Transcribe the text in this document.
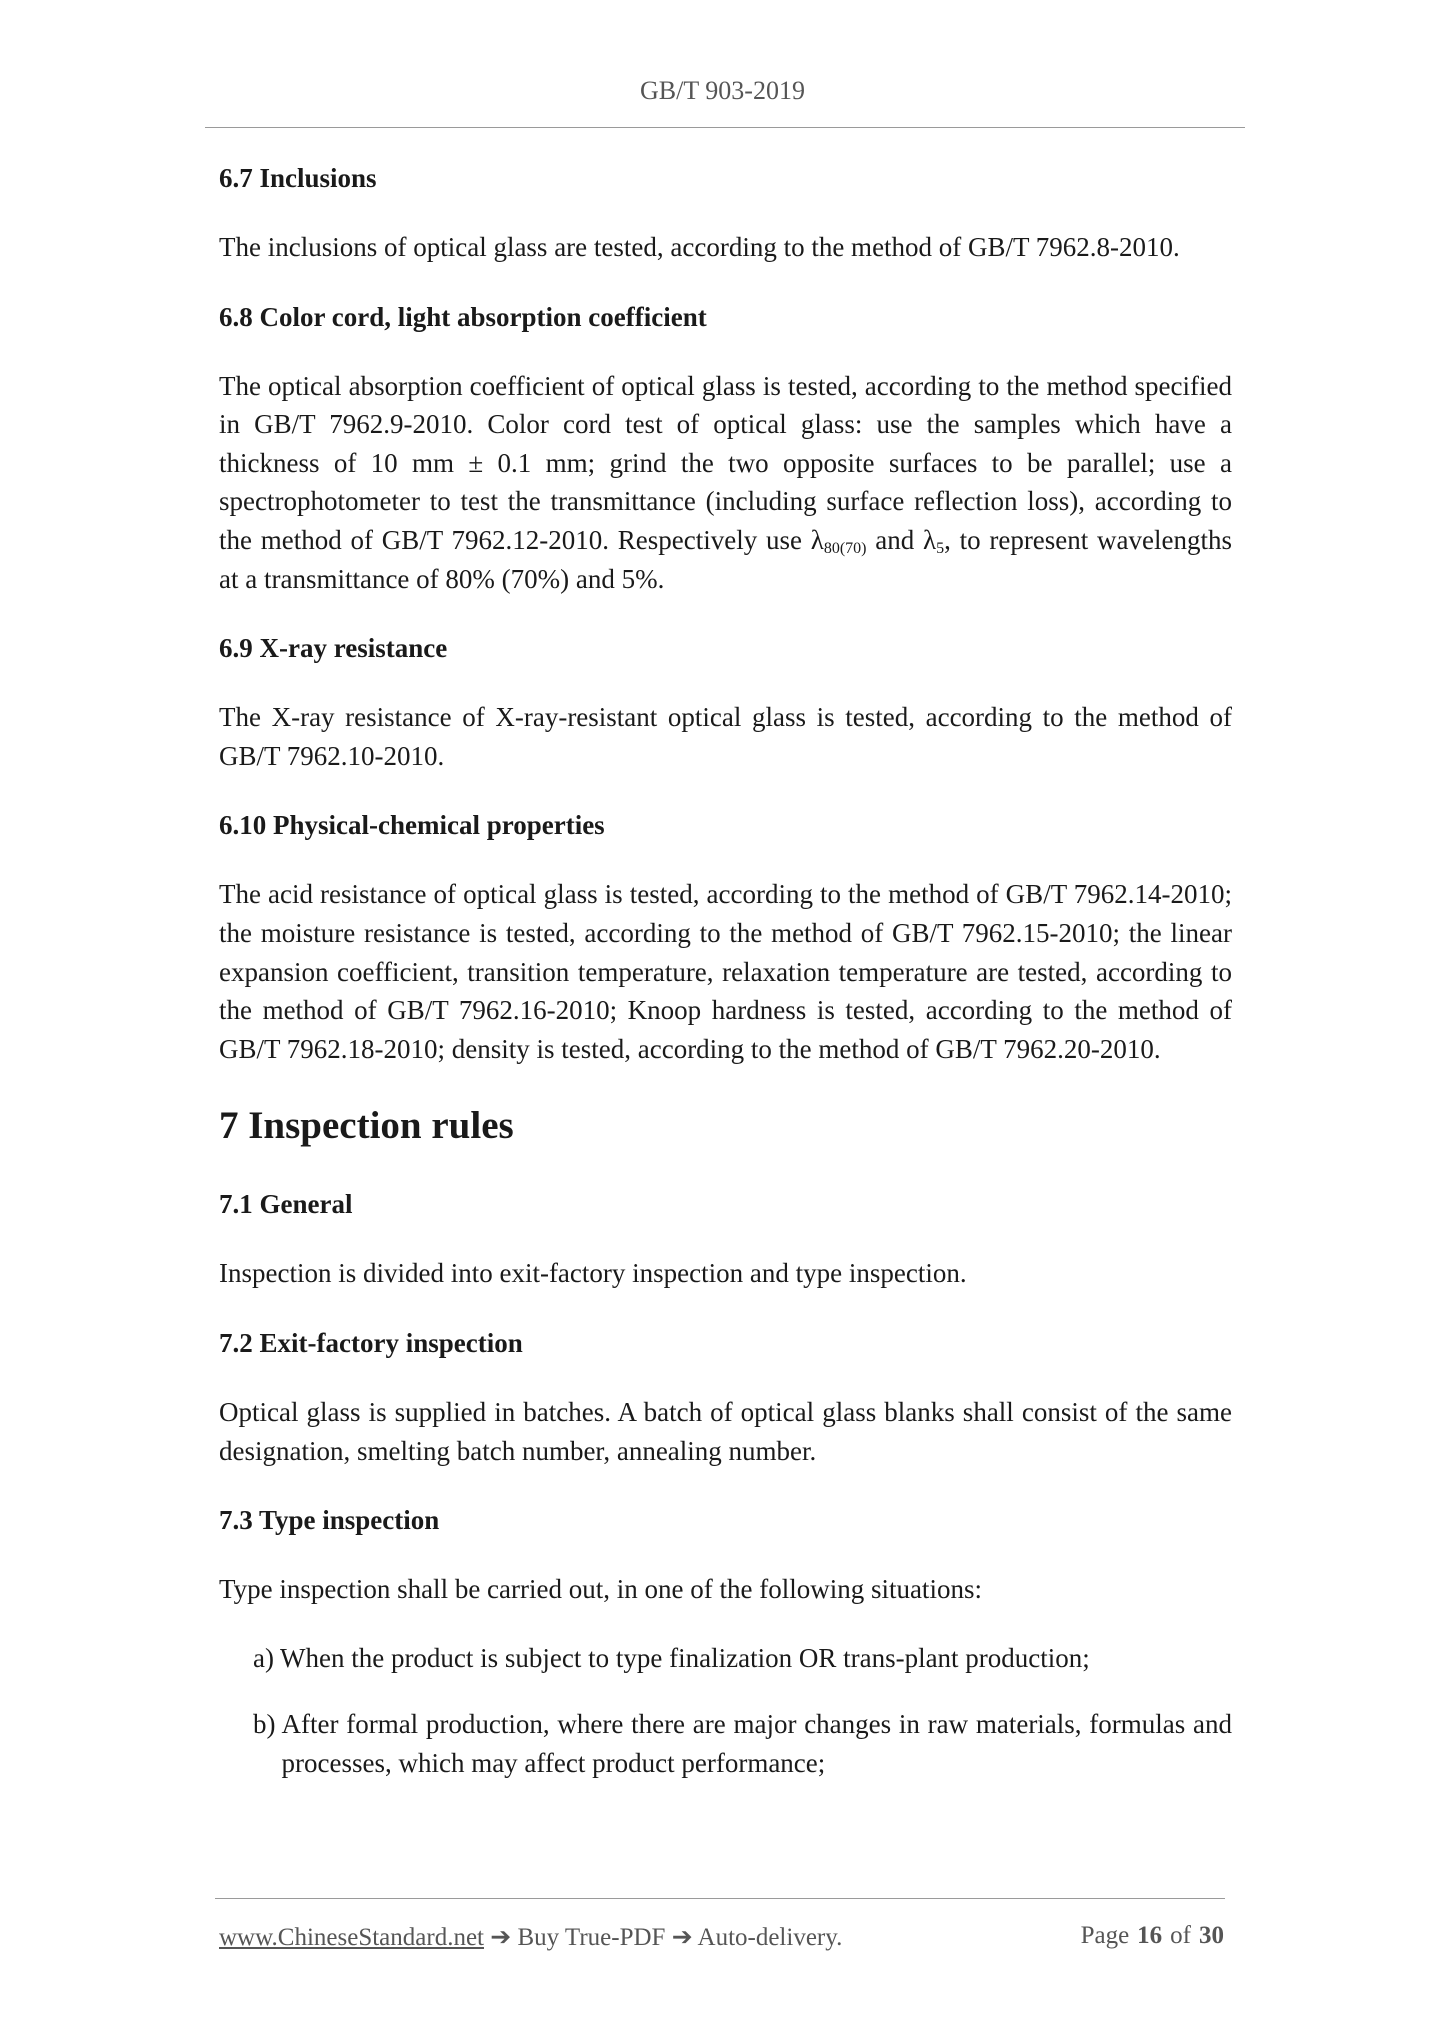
GB/T 903-2019
6.7 Inclusions

The inclusions of optical glass are tested, according to the method of GB/T 7962.8-2010.

6.8 Color cord, light absorption coefficient

The optical absorption coefficient of optical glass is tested, according to the method specified in GB/T 7962.9-2010. Color cord test of optical glass: use the samples which have a thickness of 10 mm ± 0.1 mm; grind the two opposite surfaces to be parallel; use a spectrophotometer to test the transmittance (including surface reflection loss), according to the method of GB/T 7962.12-2010. Respectively use $\lambda_{80(70)}$ and $\lambda_5$, to represent wavelengths at a transmittance of 80% (70%) and 5%.

6.9 X-ray resistance

The X-ray resistance of X-ray-resistant optical glass is tested, according to the method of GB/T 7962.10-2010.

6.10 Physical-chemical properties

The acid resistance of optical glass is tested, according to the method of GB/T 7962.14-2010; the moisture resistance is tested, according to the method of GB/T 7962.15-2010; the linear expansion coefficient, transition temperature, relaxation temperature are tested, according to the method of GB/T 7962.16-2010; Knoop hardness is tested, according to the method of GB/T 7962.18-2010; density is tested, according to the method of GB/T 7962.20-2010.

7 Inspection rules
7.1 General

Inspection is divided into exit-factory inspection and type inspection.

7.2 Exit-factory inspection

Optical glass is supplied in batches. A batch of optical glass blanks shall consist of the same designation, smelting batch number, annealing number.

7.3 Type inspection

Type inspection shall be carried out, in one of the following situations:

a) When the product is subject to type finalization OR trans-plant production;
b) After formal production, where there are major changes in raw materials, formulas and processes, which may affect product performance;
www.ChineseStandard.net ➔ Buy True-PDF ➔ Auto-delivery.	Page 16 of 30
